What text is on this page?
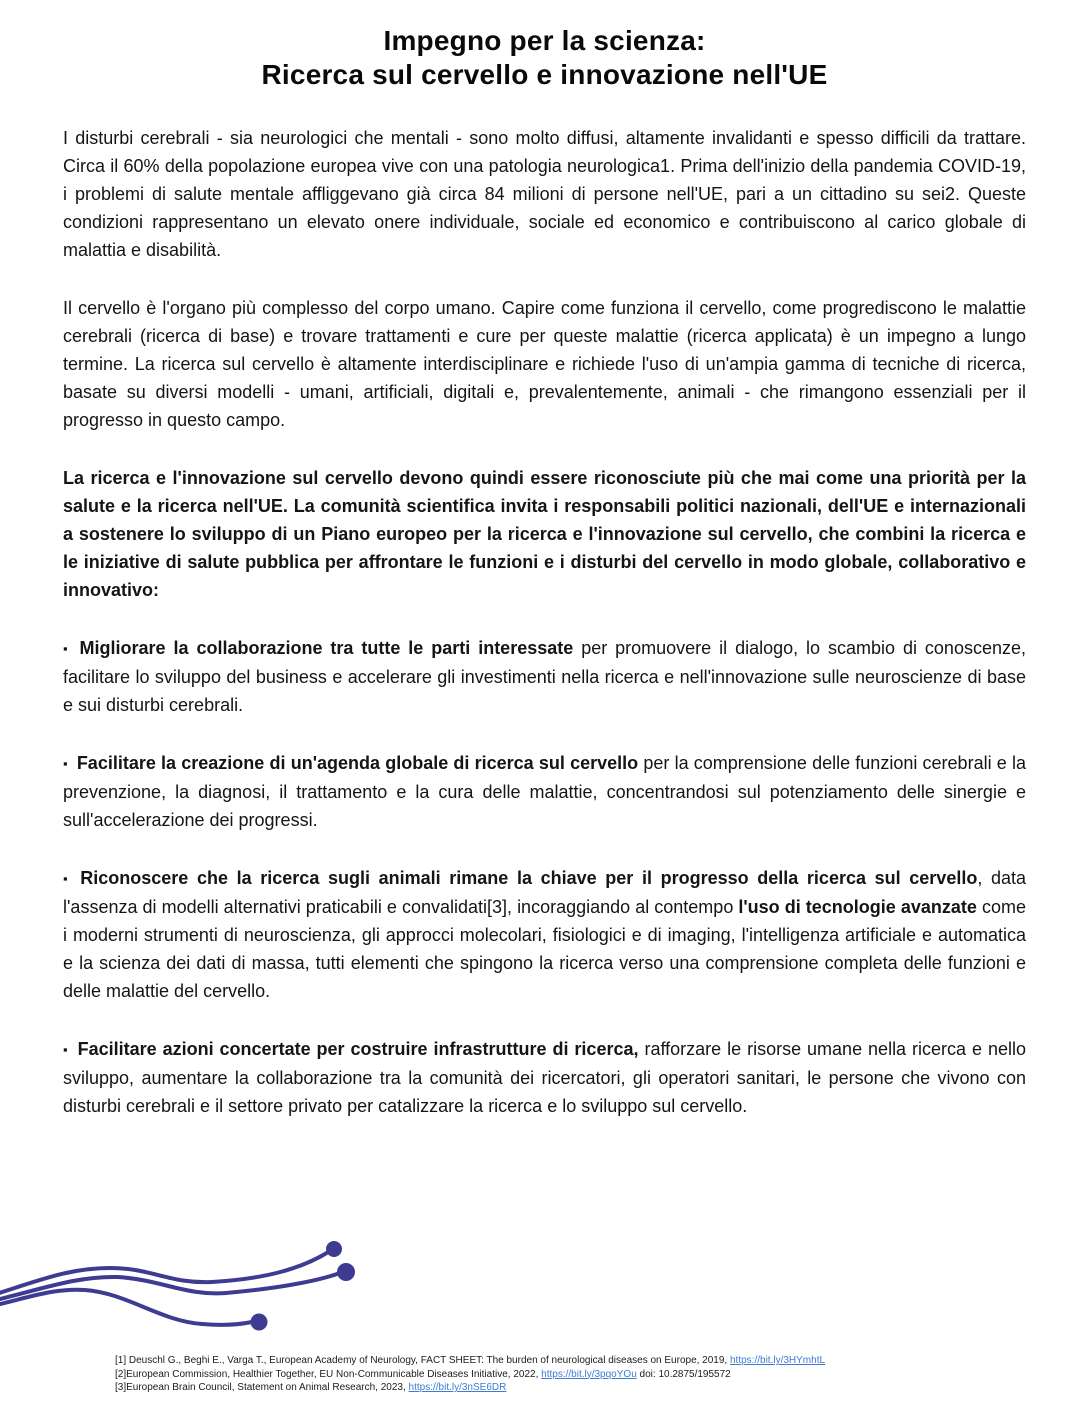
Impegno per la scienza:
Ricerca sul cervello e innovazione nell'UE

I disturbi cerebrali - sia neurologici che mentali - sono molto diffusi, altamente invalidanti e spesso difficili da trattare. Circa il 60% della popolazione europea vive con una patologia neurologica1. Prima dell'inizio della pandemia COVID-19, i problemi di salute mentale affliggevano già circa 84 milioni di persone nell'UE, pari a un cittadino su sei2. Queste condizioni rappresentano un elevato onere individuale, sociale ed economico e contribuiscono al carico globale di malattia e disabilità.

Il cervello è l'organo più complesso del corpo umano. Capire come funziona il cervello, come progrediscono le malattie cerebrali (ricerca di base) e trovare trattamenti e cure per queste malattie (ricerca applicata) è un impegno a lungo termine. La ricerca sul cervello è altamente interdisciplinare e richiede l'uso di un'ampia gamma di tecniche di ricerca, basate su diversi modelli - umani, artificiali, digitali e, prevalentemente, animali - che rimangono essenziali per il progresso in questo campo.

La ricerca e l'innovazione sul cervello devono quindi essere riconosciute più che mai come una priorità per la salute e la ricerca nell'UE. La comunità scientifica invita i responsabili politici nazionali, dell'UE e internazionali a sostenere lo sviluppo di un Piano europeo per la ricerca e l'innovazione sul cervello, che combini la ricerca e le iniziative di salute pubblica per affrontare le funzioni e i disturbi del cervello in modo globale, collaborativo e innovativo:

▪ Migliorare la collaborazione tra tutte le parti interessate per promuovere il dialogo, lo scambio di conoscenze, facilitare lo sviluppo del business e accelerare gli investimenti nella ricerca e nell'innovazione sulle neuroscienze di base e sui disturbi cerebrali.

▪ Facilitare la creazione di un'agenda globale di ricerca sul cervello per la comprensione delle funzioni cerebrali e la prevenzione, la diagnosi, il trattamento e la cura delle malattie, concentrandosi sul potenziamento delle sinergie e sull'accelerazione dei progressi.

▪ Riconoscere che la ricerca sugli animali rimane la chiave per il progresso della ricerca sul cervello, data l'assenza di modelli alternativi praticabili e convalidati[3], incoraggiando al contempo l'uso di tecnologie avanzate come i moderni strumenti di neuroscienza, gli approcci molecolari, fisiologici e di imaging, l'intelligenza artificiale e automatica e la scienza dei dati di massa, tutti elementi che spingono la ricerca verso una comprensione completa delle funzioni e delle malattie del cervello.

▪ Facilitare azioni concertate per costruire infrastrutture di ricerca, rafforzare le risorse umane nella ricerca e nello sviluppo, aumentare la collaborazione tra la comunità dei ricercatori, gli operatori sanitari, le persone che vivono con disturbi cerebrali e il settore privato per catalizzare la ricerca e lo sviluppo sul cervello.

[1] Deuschl G., Beghi E., Varga T., European Academy of Neurology, FACT SHEET: The burden of neurological diseases on Europe, 2019, https://bit.ly/3HYmhtL
[2]European Commission, Healthier Together, EU Non-Communicable Diseases Initiative, 2022, https://bit.ly/3pqoYOu doi: 10.2875/195572
[3]European Brain Council, Statement on Animal Research, 2023, https://bit.ly/3nSE6DR
